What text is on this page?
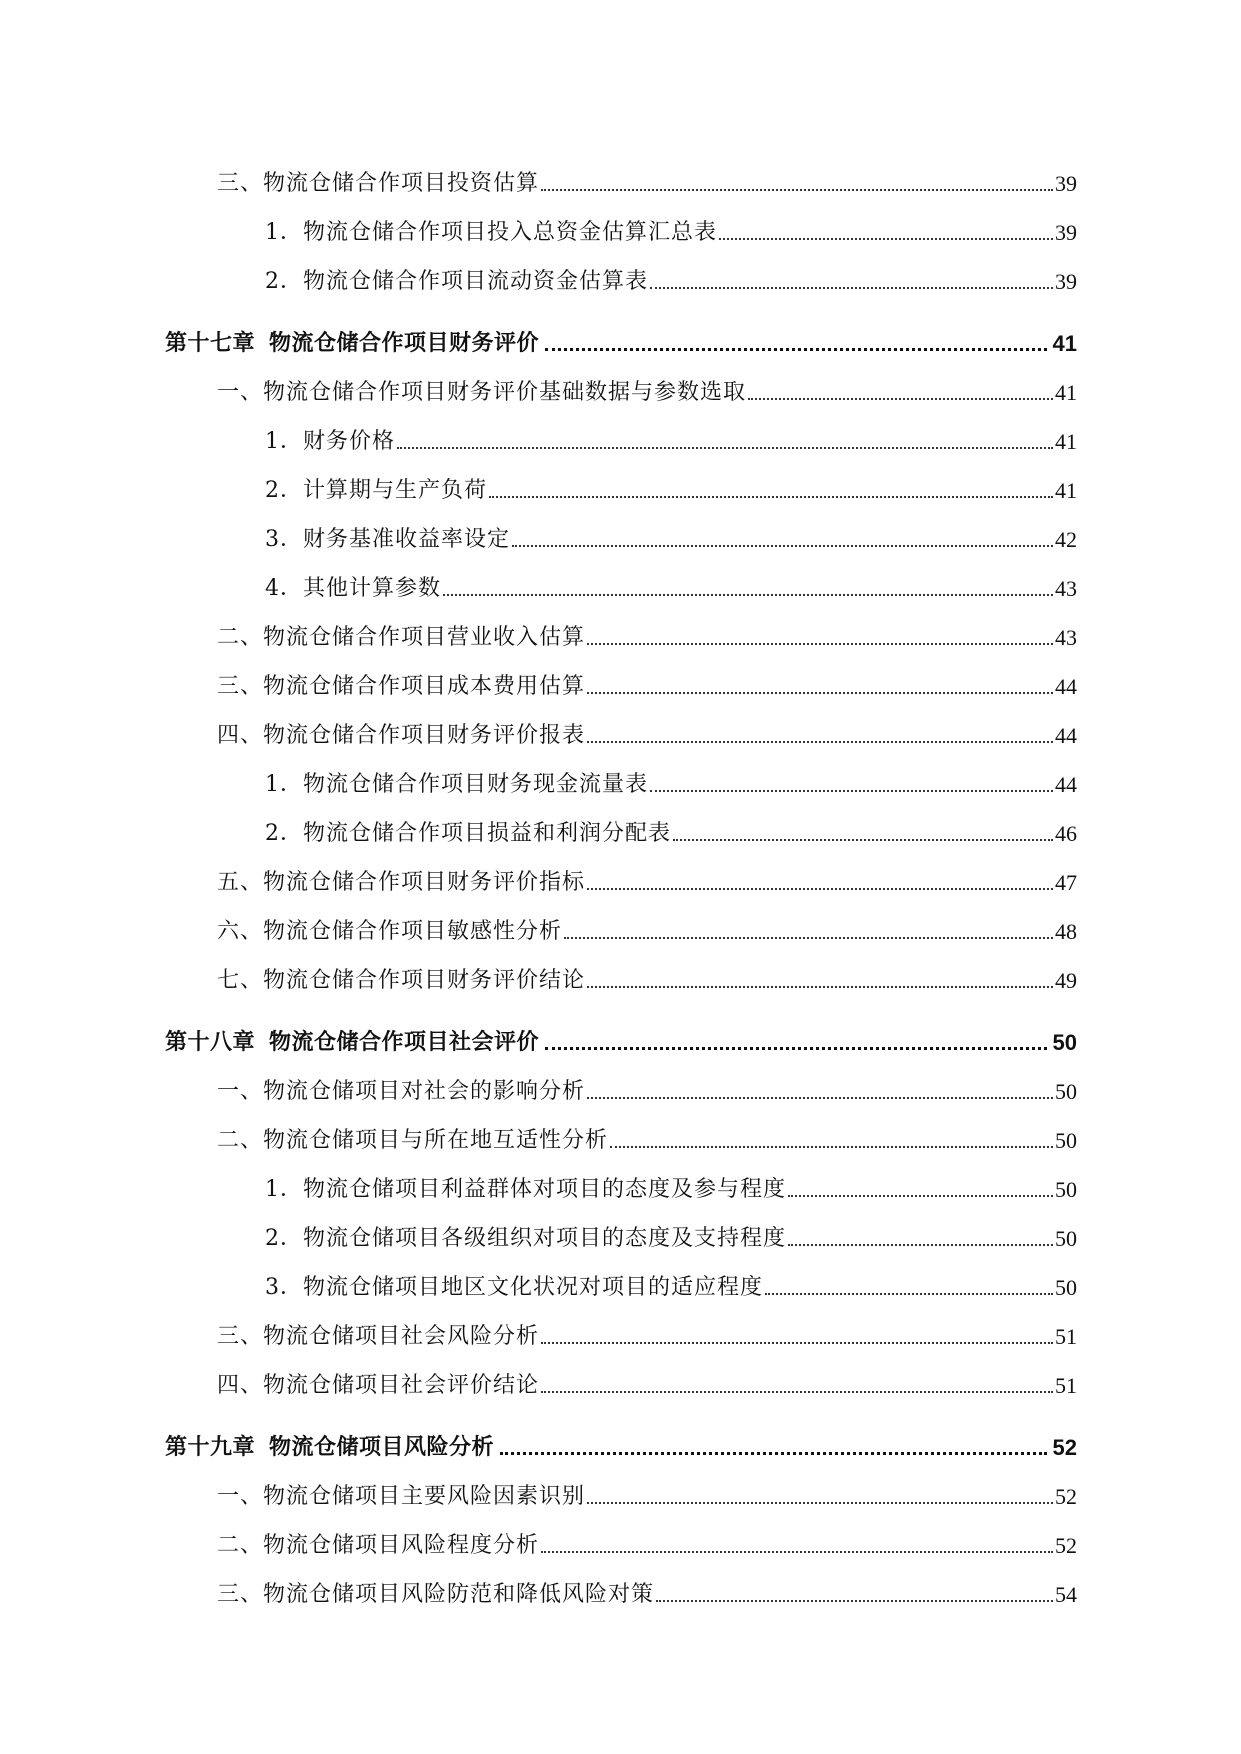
三、物流仓储合作项目投资估算	39
1．物流仓储合作项目投入总资金估算汇总表	39
2．物流仓储合作项目流动资金估算表	39
第十七章 物流仓储合作项目财务评价	41
一、物流仓储合作项目财务评价基础数据与参数选取	41
1．财务价格	41
2．计算期与生产负荷	41
3．财务基准收益率设定	42
4．其他计算参数	43
二、物流仓储合作项目营业收入估算	43
三、物流仓储合作项目成本费用估算	44
四、物流仓储合作项目财务评价报表	44
1．物流仓储合作项目财务现金流量表	44
2．物流仓储合作项目损益和利润分配表	46
五、物流仓储合作项目财务评价指标	47
六、物流仓储合作项目敏感性分析	48
七、物流仓储合作项目财务评价结论	49
第十八章 物流仓储合作项目社会评价	50
一、物流仓储项目对社会的影响分析	50
二、物流仓储项目与所在地互适性分析	50
1．物流仓储项目利益群体对项目的态度及参与程度	50
2．物流仓储项目各级组织对项目的态度及支持程度	50
3．物流仓储项目地区文化状况对项目的适应程度	50
三、物流仓储项目社会风险分析	51
四、物流仓储项目社会评价结论	51
第十九章 物流仓储项目风险分析	52
一、物流仓储项目主要风险因素识别	52
二、物流仓储项目风险程度分析	52
三、物流仓储项目风险防范和降低风险对策	54
